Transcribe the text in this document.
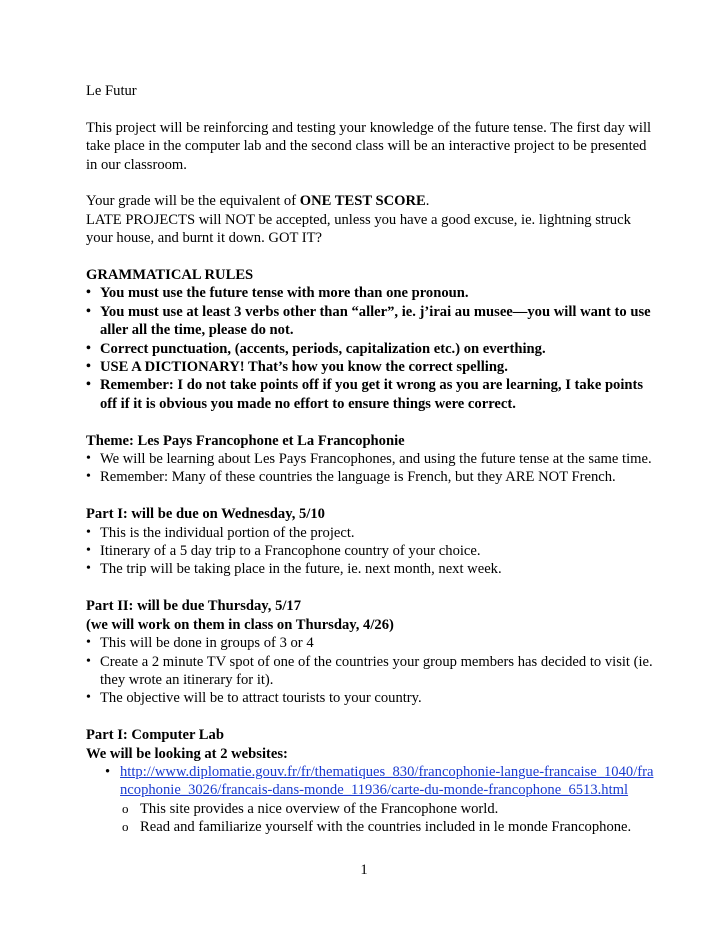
Le Futur

This project will be reinforcing and testing your knowledge of the future tense. The first day will take place in the computer lab and the second class will be an interactive project to be presented in our classroom.

Your grade will be the equivalent of ONE TEST SCORE.

LATE PROJECTS will NOT be accepted, unless you have a good excuse, ie. lightning struck your house, and burnt it down. GOT IT?

GRAMMATICAL RULES

• You must use the future tense with more than one pronoun.
• You must use at least 3 verbs other than “aller”, ie. j’irai au musee—you will want to use aller all the time, please do not.
• Correct punctuation, (accents, periods, capitalization etc.) on everthing.
• USE A DICTIONARY! That’s how you know the correct spelling.
• Remember: I do not take points off if you get it wrong as you are learning, I take points off if it is obvious you made no effort to ensure things were correct.

Theme: Les Pays Francophone et La Francophonie

• We will be learning about Les Pays Francophones, and using the future tense at the same time.
• Remember: Many of these countries the language is French, but they ARE NOT French.

Part I: will be due on Wednesday, 5/10

• This is the individual portion of the project.
• Itinerary of a 5 day trip to a Francophone country of your choice.
• The trip will be taking place in the future, ie. next month, next week.

Part II: will be due Thursday, 5/17

(we will work on them in class on Thursday, 4/26)

• This will be done in groups of 3 or 4
• Create a 2 minute TV spot of one of the countries your group members has decided to visit (ie. they wrote an itinerary for it).
• The objective will be to attract tourists to your country.

Part I: Computer Lab

We will be looking at 2 websites:

• http://www.diplomatie.gouv.fr/fr/thematiques_830/francophonie-langue-francaise_1040/francophonie_3026/francais-dans-monde_11936/carte-du-monde-francophone_6513.html
o This site provides a nice overview of the Francophone world.
o Read and familiarize yourself with the countries included in le monde Francophone.
1
